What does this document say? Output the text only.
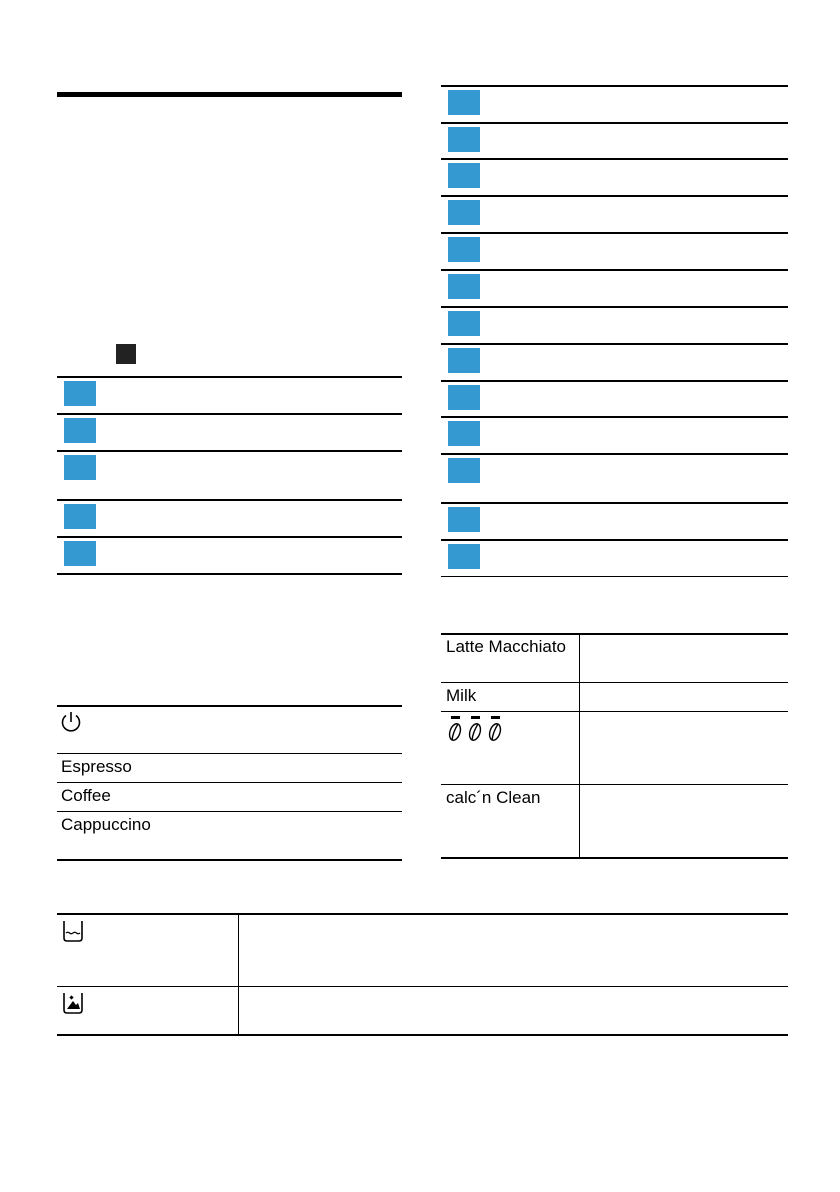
Espresso
Coffee
Cappuccino
Latte Macchiato
Milk
calc´n Clean
